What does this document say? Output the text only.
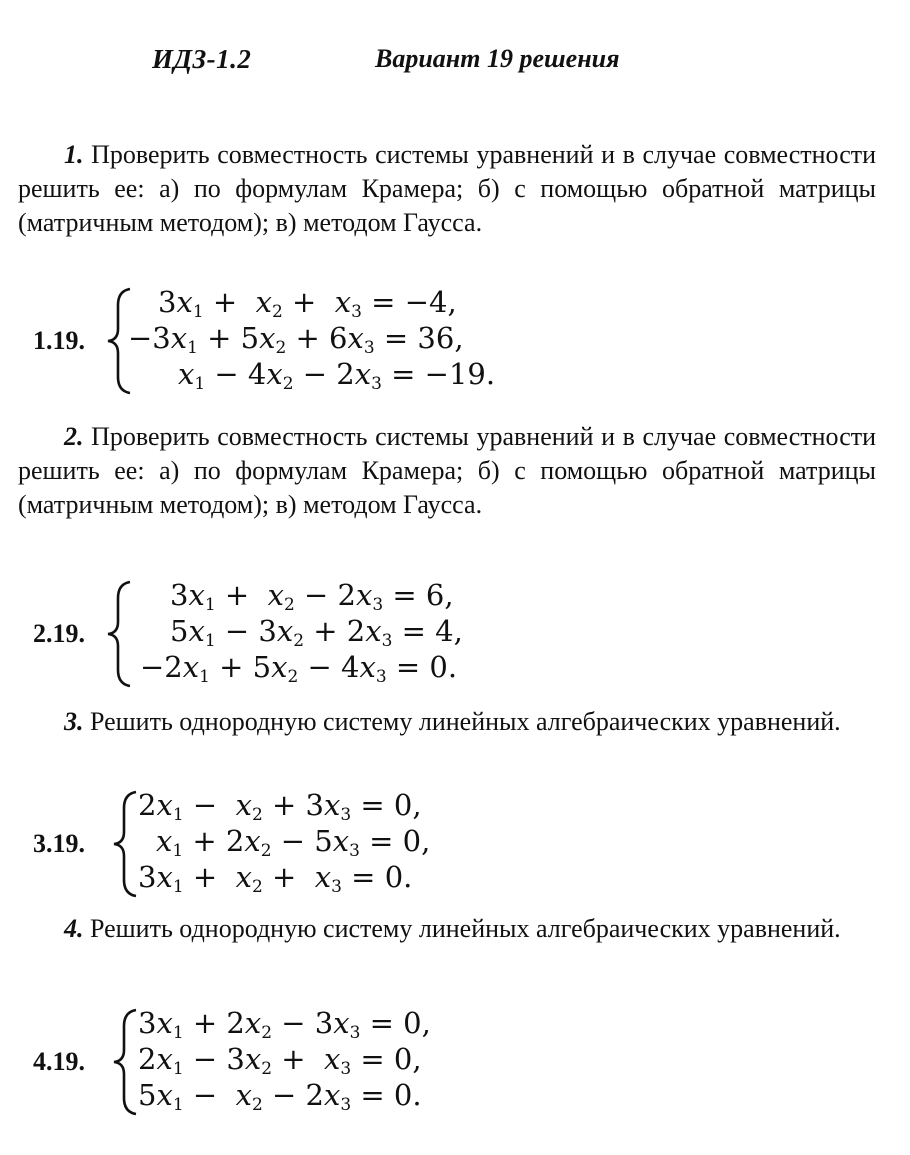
ИДЗ-1.2	Вариант 19 решения

1. Проверить совместность системы уравнений и в случае совместности решить ее: а) по формулам Крамера; б) с помощью обратной матрицы (матричным методом); в) методом Гаусса.

1.19.
$3x_1 + x_2 + x_3 = -4$,
$-3x_1 + 5x_2 + 6x_3 = 36$,
$x_1 - 4x_2 - 2x_3 = -19$.

2. Проверить совместность системы уравнений и в случае совместности решить ее: а) по формулам Крамера; б) с помощью обратной матрицы (матричным методом); в) методом Гаусса.

2.19.
$3x_1 + x_2 - 2x_3 = 6$,
$5x_1 - 3x_2 + 2x_3 = 4$,
$-2x_1 + 5x_2 - 4x_3 = 0$.

3. Решить однородную систему линейных алгебраических уравнений.

3.19.
$2x_1 - x_2 + 3x_3 = 0$,
$x_1 + 2x_2 - 5x_3 = 0$,
$3x_1 + x_2 + x_3 = 0$.

4. Решить однородную систему линейных алгебраических уравнений.

4.19.
$3x_1 + 2x_2 - 3x_3 = 0$,
$2x_1 - 3x_2 + x_3 = 0$,
$5x_1 - x_2 - 2x_3 = 0$.
